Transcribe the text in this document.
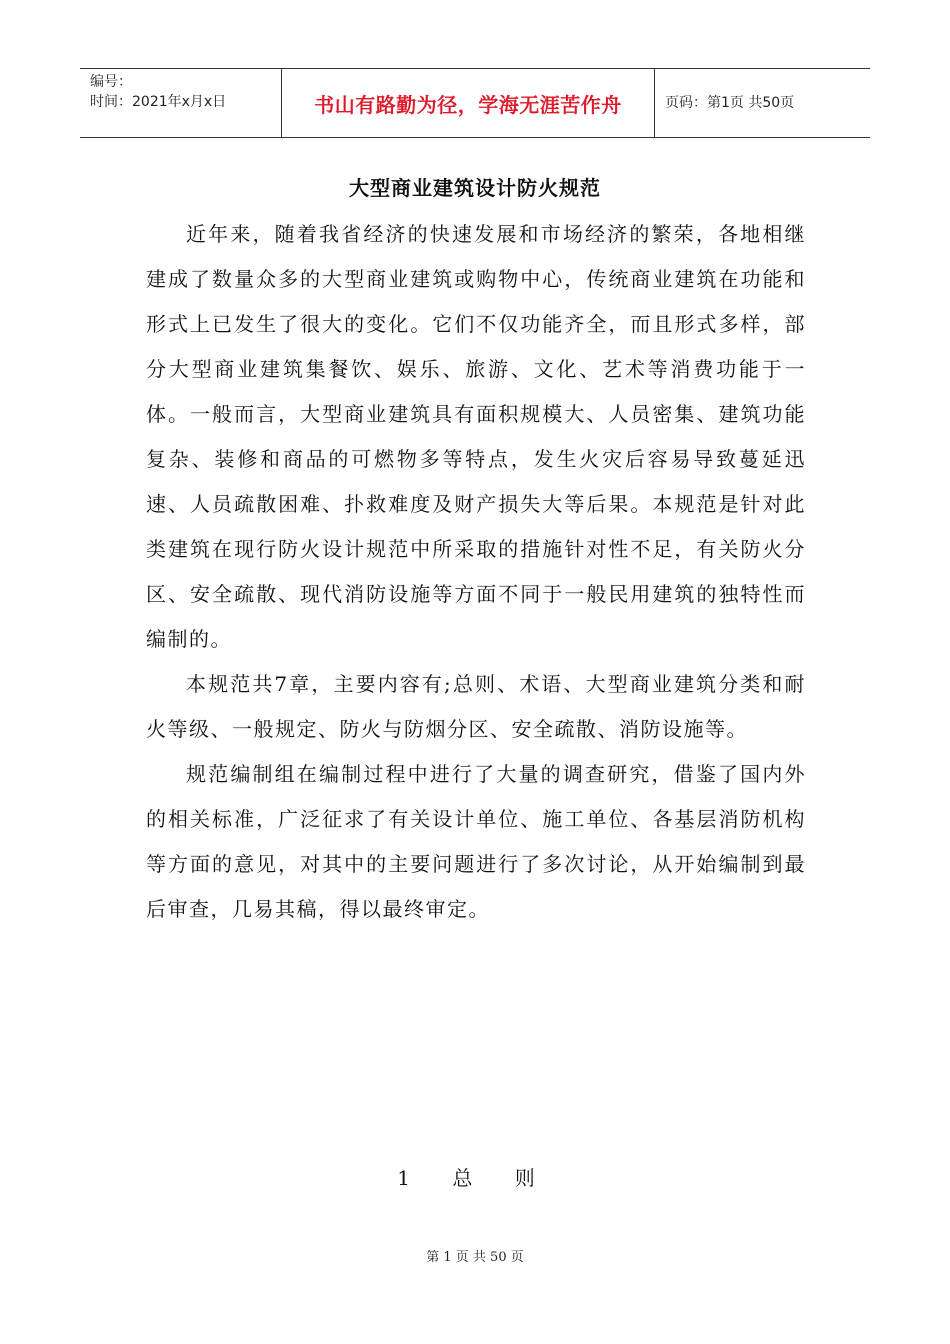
编号：
时间：2021年x月x日	书山有路勤为径，学海无涯苦作舟	页码：第1页 共50页
大型商业建筑设计防火规范

近年来，随着我省经济的快速发展和市场经济的繁荣，各地相继建成了数量众多的大型商业建筑或购物中心，传统商业建筑在功能和形式上已发生了很大的变化。它们不仅功能齐全，而且形式多样，部分大型商业建筑集餐饮、娱乐、旅游、文化、艺术等消费功能于一体。一般而言，大型商业建筑具有面积规模大、人员密集、建筑功能复杂、装修和商品的可燃物多等特点，发生火灾后容易导致蔓延迅速、人员疏散困难、扑救难度及财产损失大等后果。本规范是针对此类建筑在现行防火设计规范中所采取的措施针对性不足，有关防火分区、安全疏散、现代消防设施等方面不同于一般民用建筑的独特性而编制的。

本规范共7章，主要内容有;总则、术语、大型商业建筑分类和耐火等级、一般规定、防火与防烟分区、安全疏散、消防设施等。

规范编制组在编制过程中进行了大量的调查研究，借鉴了国内外的相关标准，广泛征求了有关设计单位、施工单位、各基层消防机构等方面的意见，对其中的主要问题进行了多次讨论，从开始编制到最后审查，几易其稿，得以最终审定。

1 总 则
第 1 页 共 50 页
